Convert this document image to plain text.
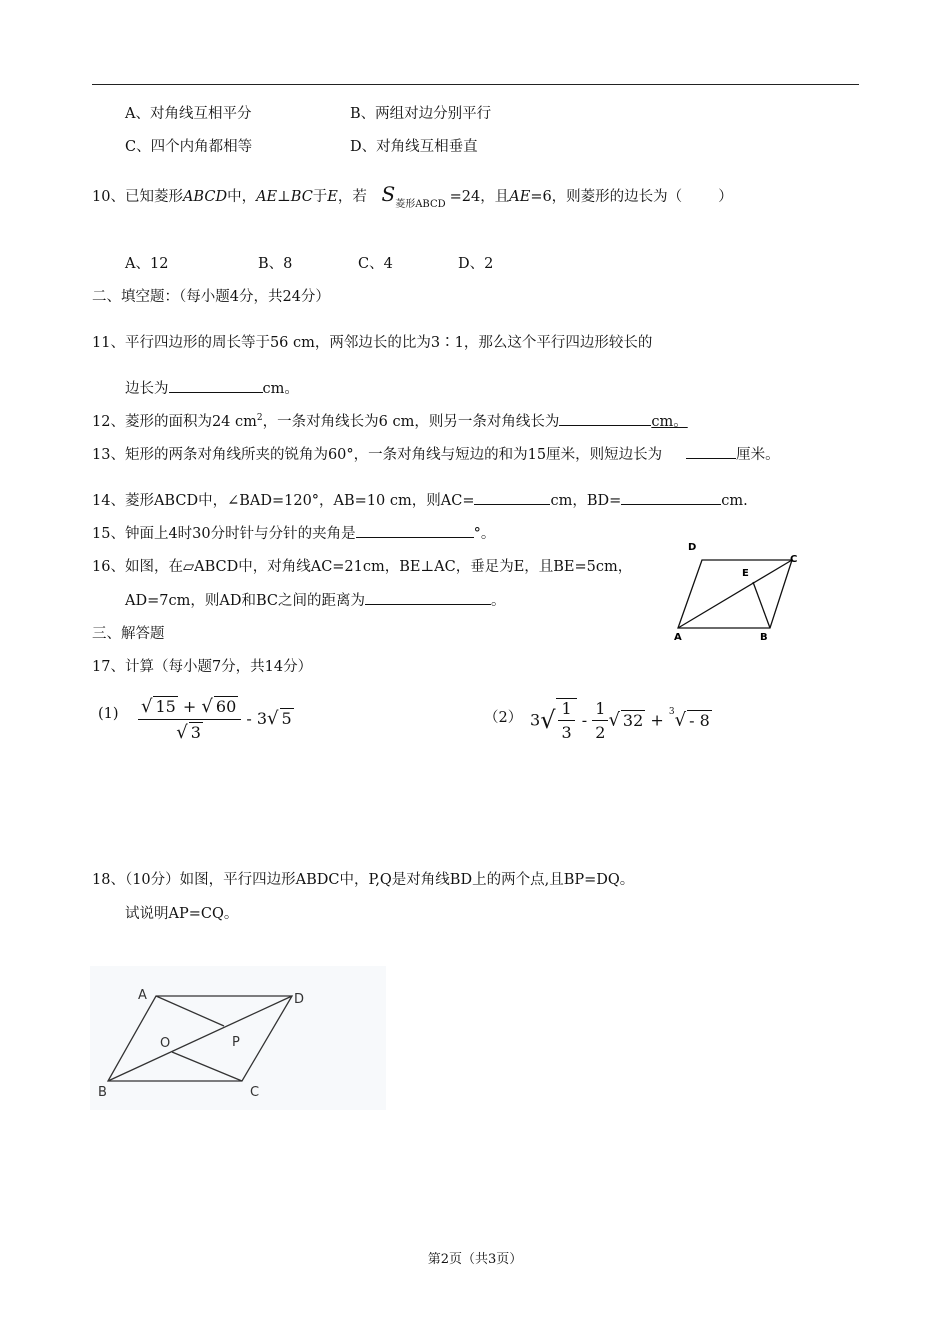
A、对角线互相平分	B、两组对边分别平行
C、四个内角都相等	D、对角线互相垂直
10、已知菱形ABCD中，AE⊥BC于E，若 $S_{菱形ABCD} =24$，且AE=6，则菱形的边长为（ ）
A、12	B、8	C、4	D、2
二、填空题：（每小题4分，共24分）
11、平行四边形的周长等于56 cm，两邻边长的比为3∶1，那么这个平行四边形较长的
边长为	cm。
12、菱形的面积为24 $cm^2$，一条对角线长为6 cm，则另一条对角线长为	cm。
13、矩形的两条对角线所夹的锐角为60°，一条对角线与短边的和为15厘米，则短边长为	厘米。
14、菱形ABCD中，∠BAD=120°，AB=10 cm，则AC=	cm，BD=	cm.
15、钟面上4时30分时针与分针的夹角是	°。
16、如图，在▱ABCD中，对角线AC=21cm，BE⊥AC，垂足为E，且BE=5cm，
AD=7cm，则AD和BC之间的距离为	。
D
C
E
A	B
三、解答题
17、计算（每小题7分，共14分）
$(1) \frac{√ 15 + √ 60}{√ 3} - 3√$ 5	（2） $3√ \frac{1}{3} - \frac{1}{2}$ √ 32 + $^3$√ - 8
18、（10分）如图，平行四边形ABDC中，P,Q是对角线BD上的两个点,且BP=DQ。
试说明AP=CQ。
A	D
O	P
B	C
第2页（共3页）
